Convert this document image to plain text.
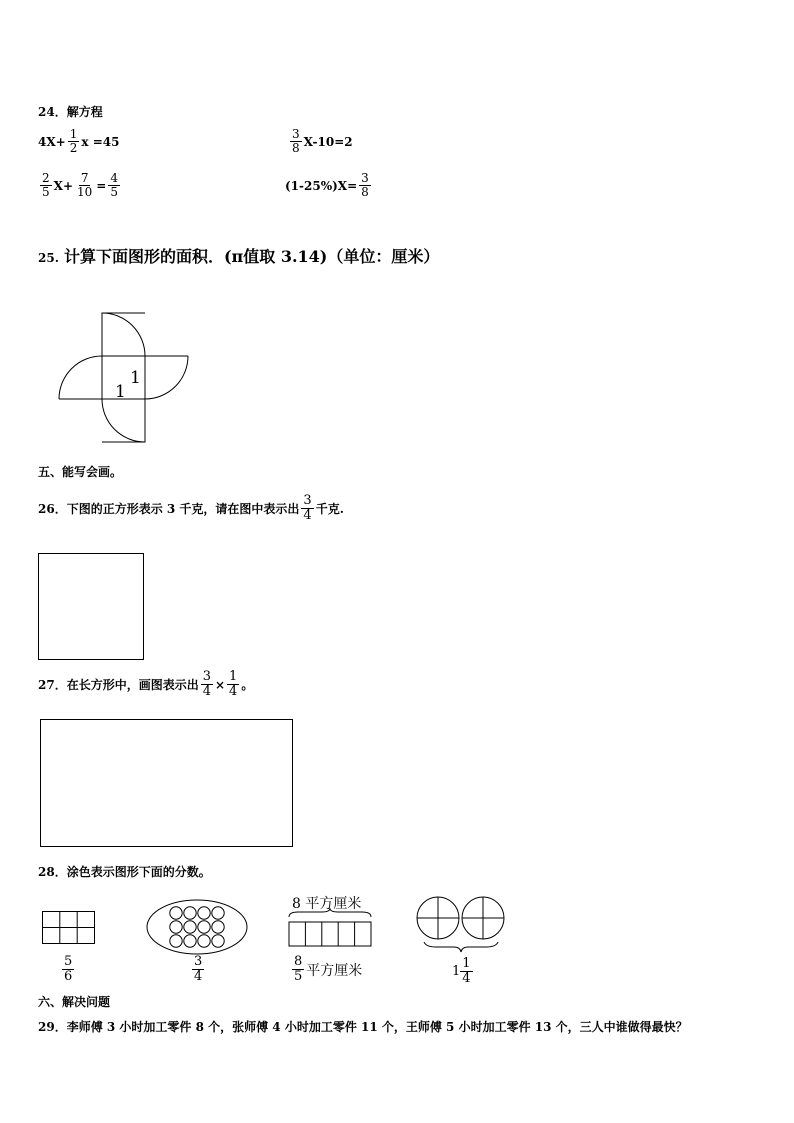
24．解方程
$4X+ \frac{1}{2}$ x =45	$\frac{3}{8} X-10=2$
$\frac{2}{5} X+ \frac{7}{10} = \frac{4}{5}$	$(1-25\%)X= \frac{3}{8}$
25. 计算下面图形的面积．(π值取 3.14)（单位：厘米）
1
1
五、能写会画。
26．下图的正方形表示 3 千克，请在图中表示出 $\frac{3}{4}$ 千克.
27．在长方形中，画图表示出 $\frac{3}{4} \times \frac{1}{4}$ 。
28．涂色表示图形下面的分数。
$\frac{5}{6}$	$\frac{3}{4}$
8 平方厘米
$\frac{8}{5}$ 平方厘米	$1 \frac{1}{4}$
六、解决问题
29．李师傅 3 小时加工零件 8 个，张师傅 4 小时加工零件 11 个，王师傅 5 小时加工零件 13 个，三人中谁做得最快？
